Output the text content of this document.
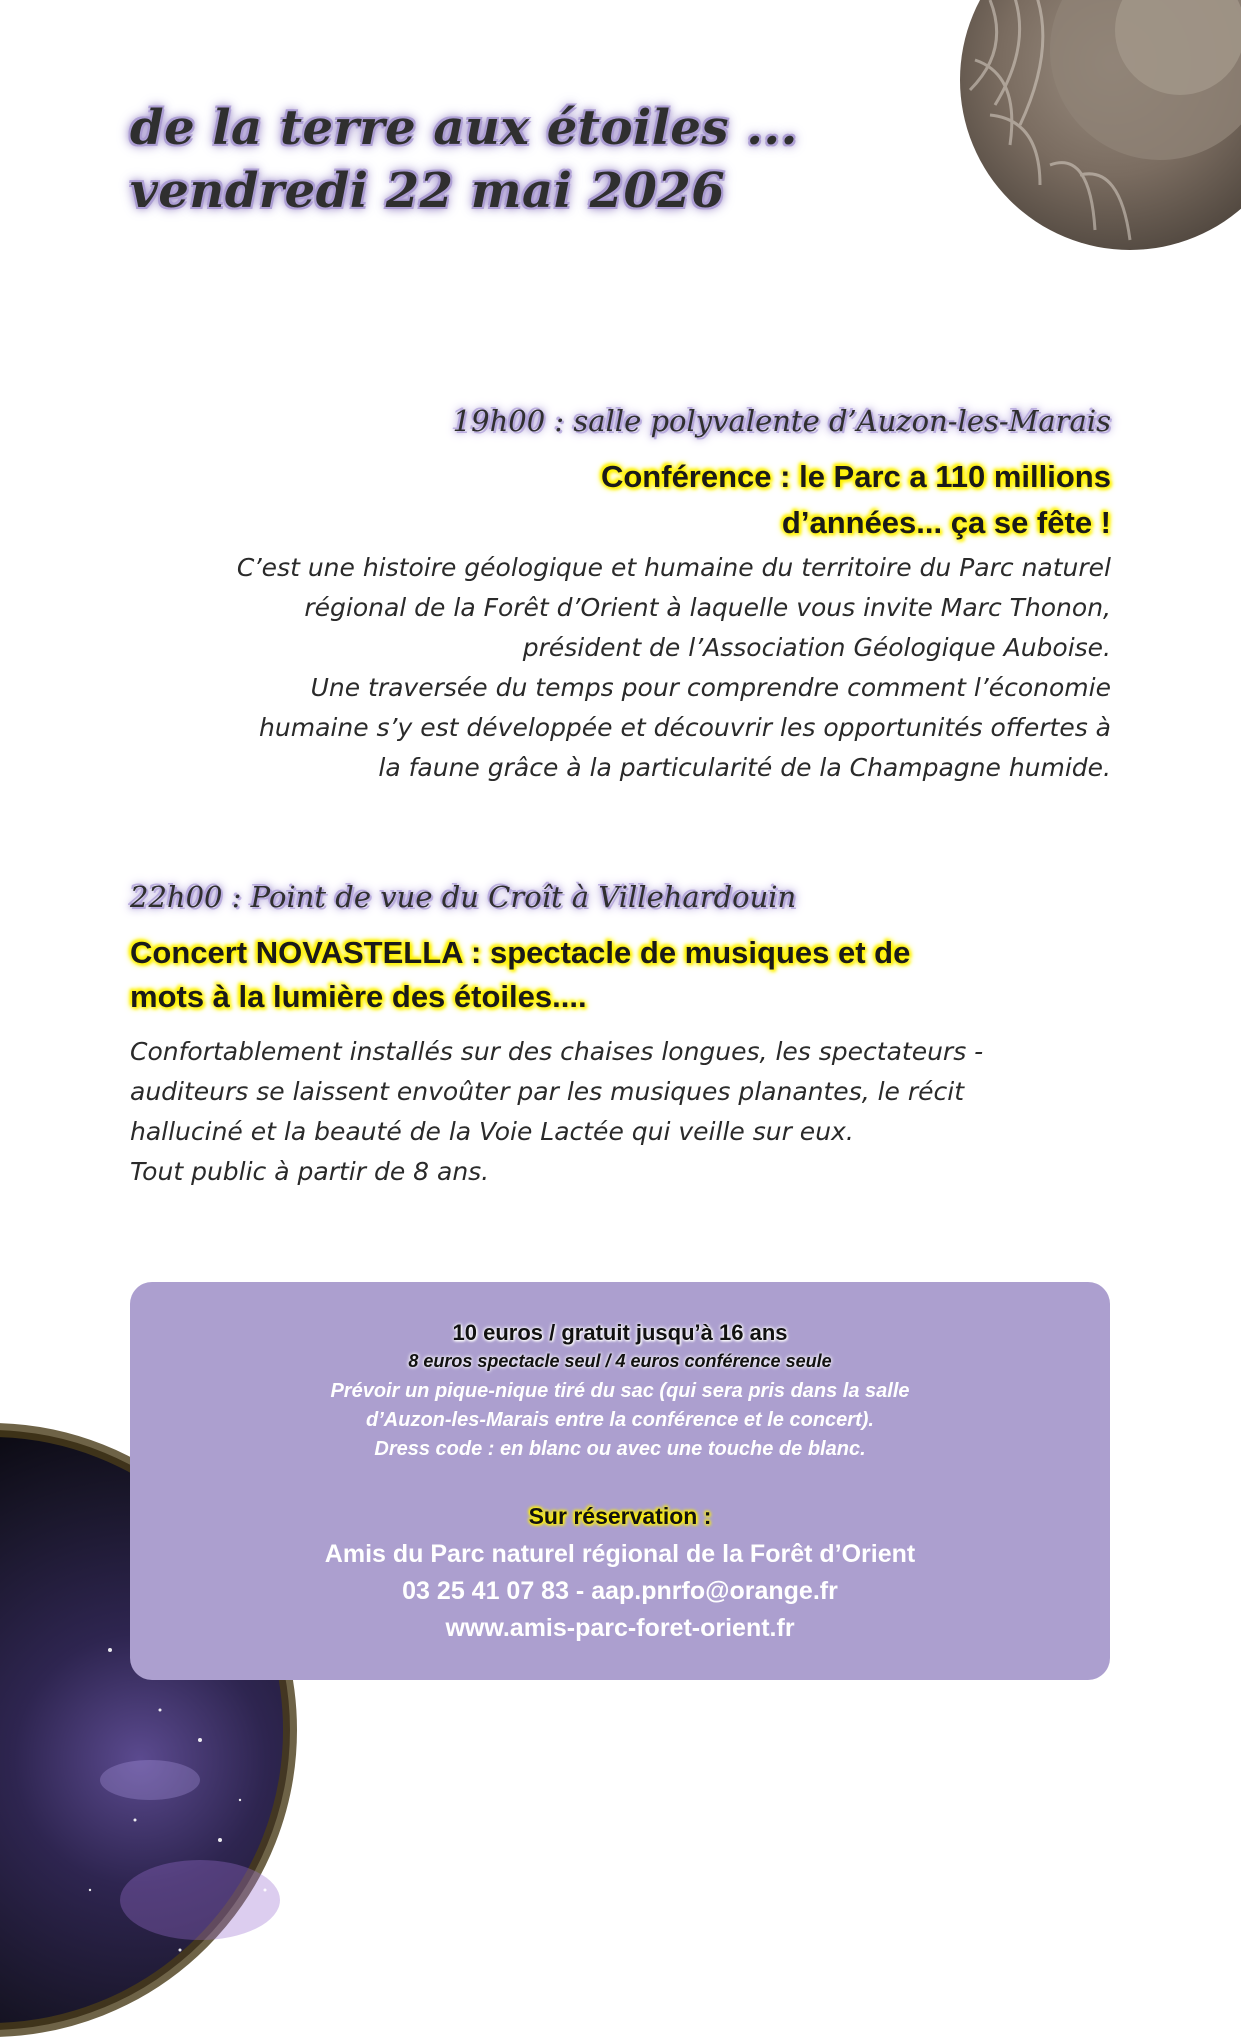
de la terre aux étoiles ...
vendredi 22 mai 2026
19h00 : salle polyvalente d’Auzon-les-Marais
Conférence : le Parc a 110 millions
d’années... ça se fête !
C’est une histoire géologique et humaine du territoire du Parc naturel
régional de la Forêt d’Orient à laquelle vous invite Marc Thonon,
président de l’Association Géologique Auboise.
Une traversée du temps pour comprendre comment l’économie
humaine s’y est développée et découvrir les opportunités offertes à
la faune grâce à la particularité de la Champagne humide.
22h00 : Point de vue du Croît à Villehardouin
Concert NOVASTELLA : spectacle de musiques et de
mots à la lumière des étoiles....
Confortablement installés sur des chaises longues, les spectateurs -
auditeurs se laissent envoûter par les musiques planantes, le récit
halluciné et la beauté de la Voie Lactée qui veille sur eux.
Tout public à partir de 8 ans.
10 euros / gratuit jusqu’à 16 ans
8 euros spectacle seul / 4 euros conférence seule
Prévoir un pique-nique tiré du sac (qui sera pris dans la salle
d’Auzon-les-Marais entre la conférence et le concert).
Dress code : en blanc ou avec une touche de blanc.
Sur réservation :
Amis du Parc naturel régional de la Forêt d’Orient
03 25 41 07 83 - aap.pnrfo@orange.fr
www.amis-parc-foret-orient.fr
